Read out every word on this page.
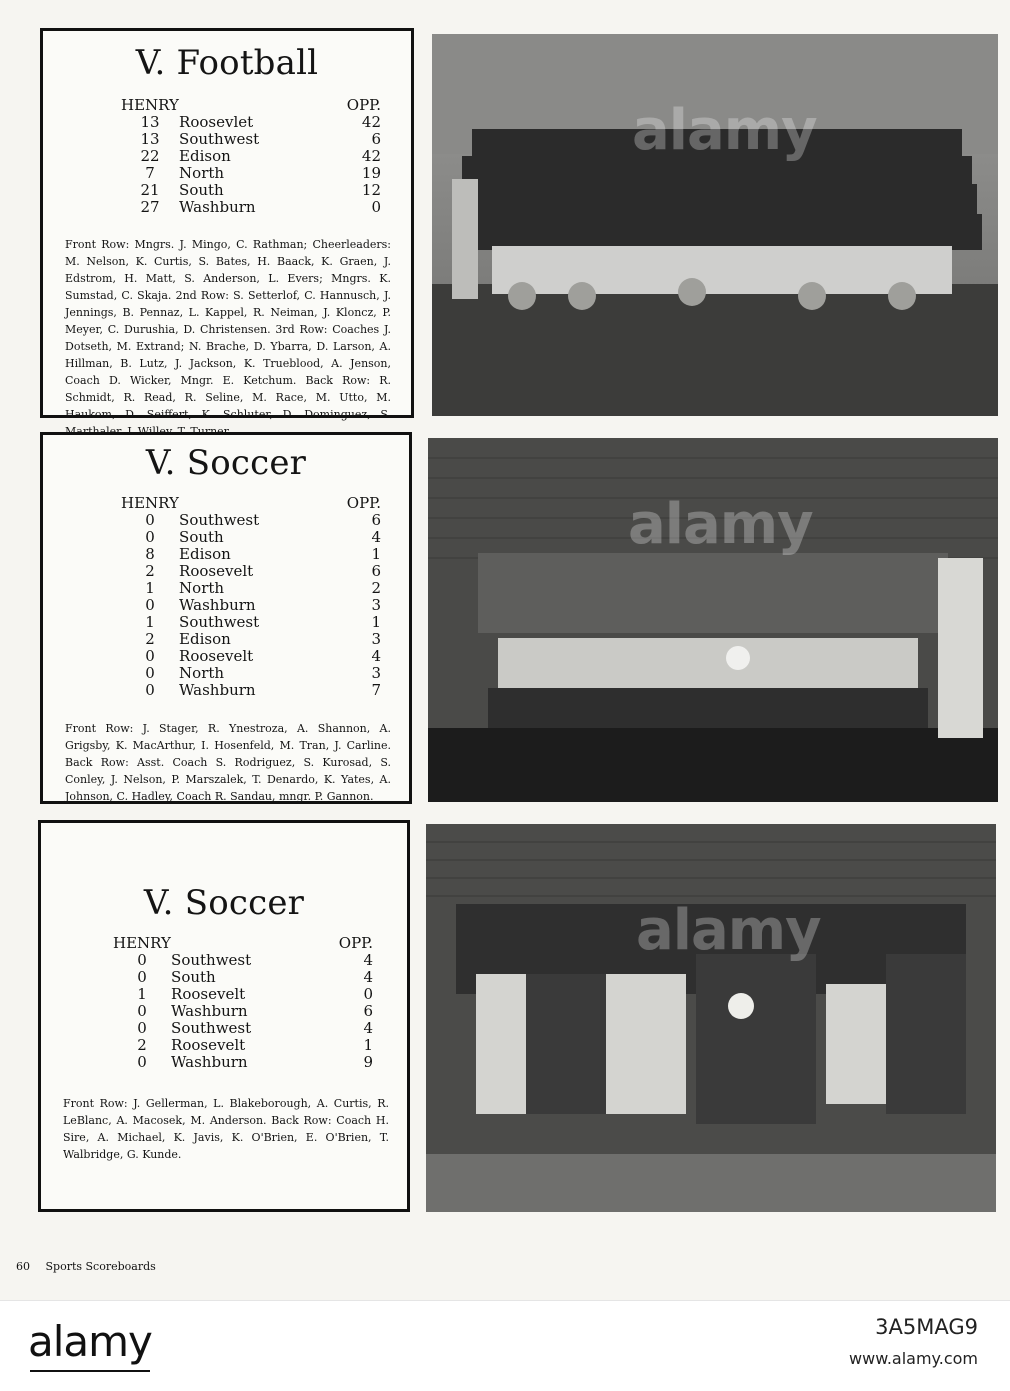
V. Football
HENRY		OPP.
13	Roosevlet	42
13	Southwest	6
22	Edison	42
7	North	19
21	South	12
27	Washburn	0

Front Row: Mngrs. J. Mingo, C. Rathman; Cheerleaders: M. Nelson, K. Curtis, S. Bates, H. Baack, K. Graen, J. Edstrom, H. Matt, S. Anderson, L. Evers; Mngrs. K. Sumstad, C. Skaja. 2nd Row: S. Setterlof, C. Hannusch, J. Jennings, B. Pennaz, L. Kappel, R. Neiman, J. Kloncz, P. Meyer, C. Durushia, D. Christensen. 3rd Row: Coaches J. Dotseth, M. Extrand; N. Brache, D. Ybarra, D. Larson, A. Hillman, B. Lutz, J. Jackson, K. Trueblood, A. Jenson, Coach D. Wicker, Mngr. E. Ketchum. Back Row: R. Schmidt, R. Read, R. Seline, M. Race, M. Utto, M. Haukom, D. Seiffert, K. Schluter, D. Dominguez, S.

alamy
V. Soccer
HENRY		OPP.
0	Southwest	6
0	South	4
8	Edison	1
2	Roosevelt	6
1	North	2
0	Washburn	3
1	Southwest	1
2	Edison	3
0	Roosevelt	4
0	North	3
0	Washburn	7

Front Row: J. Stager, R. Ynestroza, A. Shannon, A. Grigsby, K. MacArthur, I. Hosenfeld, M. Tran, J. Carline. Back Row: Asst. Coach S. Rodriguez, S. Kurosad, S. Conley, J. Nelson, P. Marszalek, T. Denardo, K. Yates, A. Johnson, C. Hadley, Coach R. Sandau, mngr. P. Gannon.

alamy
V. Soccer
HENRY		OPP.
0	Southwest	4
0	South	4
1	Roosevelt	0
0	Washburn	6
0	Southwest	4
2	Roosevelt	1
0	Washburn	9

Front Row: J. Gellerman, L. Blakeborough, A. Curtis, R. LeBlanc, A. Macosek, M. Anderson. Back Row: Coach H. Sire, A. Michael, K. Javis, K. O'Brien, E. O'Brien, T. Walbridge, G. Kunde.

alamy
60 Sports Scoreboards
alamy	3A5MAG9
www.alamy.com
